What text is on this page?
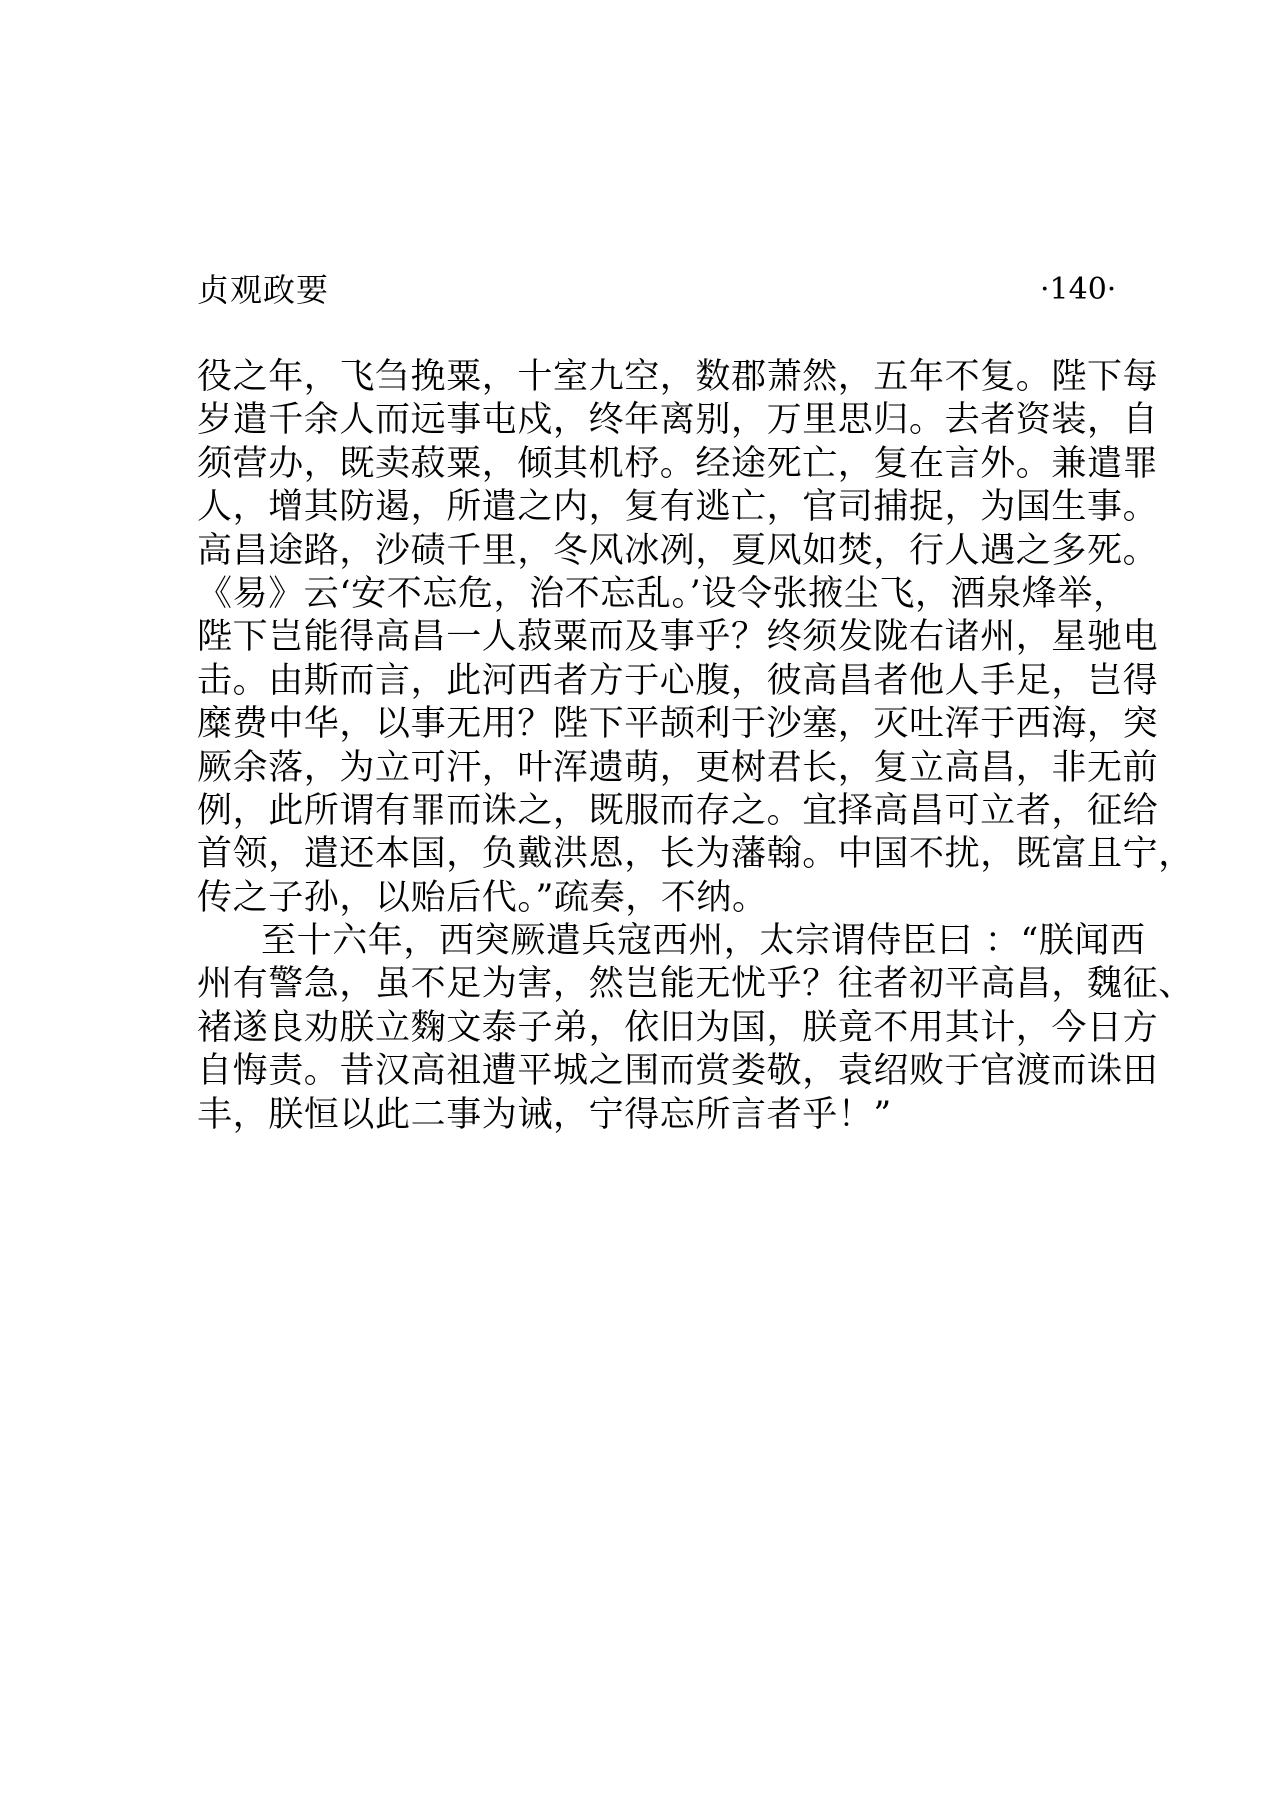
贞观政要	·140·
役之年，飞刍挽粟，十室九空，数郡萧然，五年不复。陛下每
岁遣千余人而远事屯戍，终年离别，万里思归。去者资装，自
须营办，既卖菽粟，倾其机杼。经途死亡，复在言外。兼遣罪
人，增其防遏，所遣之内，复有逃亡，官司捕捉，为国生事。
高昌途路，沙碛千里，冬风冰冽，夏风如焚，行人遇之多死。
《易》云‘安不忘危，治不忘乱。’设令张掖尘飞，酒泉烽举，
陛下岂能得高昌一人菽粟而及事乎？终须发陇右诸州，星驰电
击。由斯而言，此河西者方于心腹，彼高昌者他人手足，岂得
糜费中华，以事无用？陛下平颉利于沙塞，灭吐浑于西海，突
厥余落，为立可汗，叶浑遗萌，更树君长，复立高昌，非无前
例，此所谓有罪而诛之，既服而存之。宜择高昌可立者，征给
首领，遣还本国，负戴洪恩，长为藩翰。中国不扰，既富且宁，
传之子孙，以贻后代。”疏奏，不纳。
至十六年，西突厥遣兵寇西州，太宗谓侍臣曰 ：“朕闻西
州有警急，虽不足为害，然岂能无忧乎？往者初平高昌，魏征、
褚遂良劝朕立麴文泰子弟，依旧为国，朕竟不用其计，今日方
自悔责。昔汉高祖遭平城之围而赏娄敬，袁绍败于官渡而诛田
丰，朕恒以此二事为诫，宁得忘所言者乎！”
